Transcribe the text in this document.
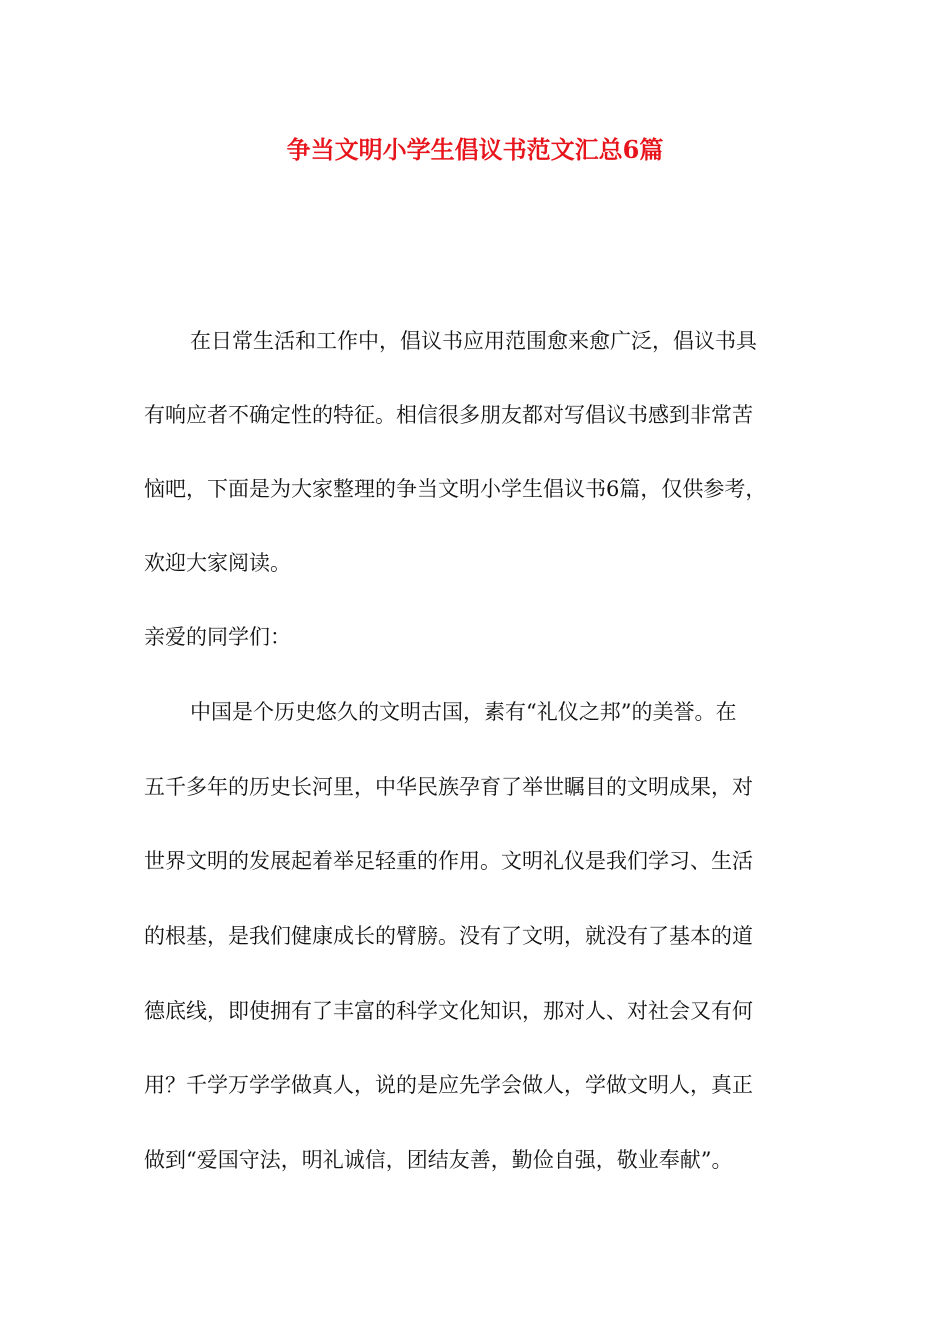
争当文明小学生倡议书范文汇总6篇
在日常生活和工作中，倡议书应用范围愈来愈广泛，倡议书具
有响应者不确定性的特征。相信很多朋友都对写倡议书感到非常苦
恼吧，下面是为大家整理的争当文明小学生倡议书6篇，仅供参考，
欢迎大家阅读。
亲爱的同学们：
中国是个历史悠久的文明古国，素有“礼仪之邦”的美誉。在
五千多年的历史长河里，中华民族孕育了举世瞩目的文明成果，对
世界文明的发展起着举足轻重的作用。文明礼仪是我们学习、生活
的根基，是我们健康成长的臂膀。没有了文明，就没有了基本的道
德底线，即使拥有了丰富的科学文化知识，那对人、对社会又有何
用？千学万学学做真人，说的是应先学会做人，学做文明人，真正
做到“爱国守法，明礼诚信，团结友善，勤俭自强，敬业奉献”。
